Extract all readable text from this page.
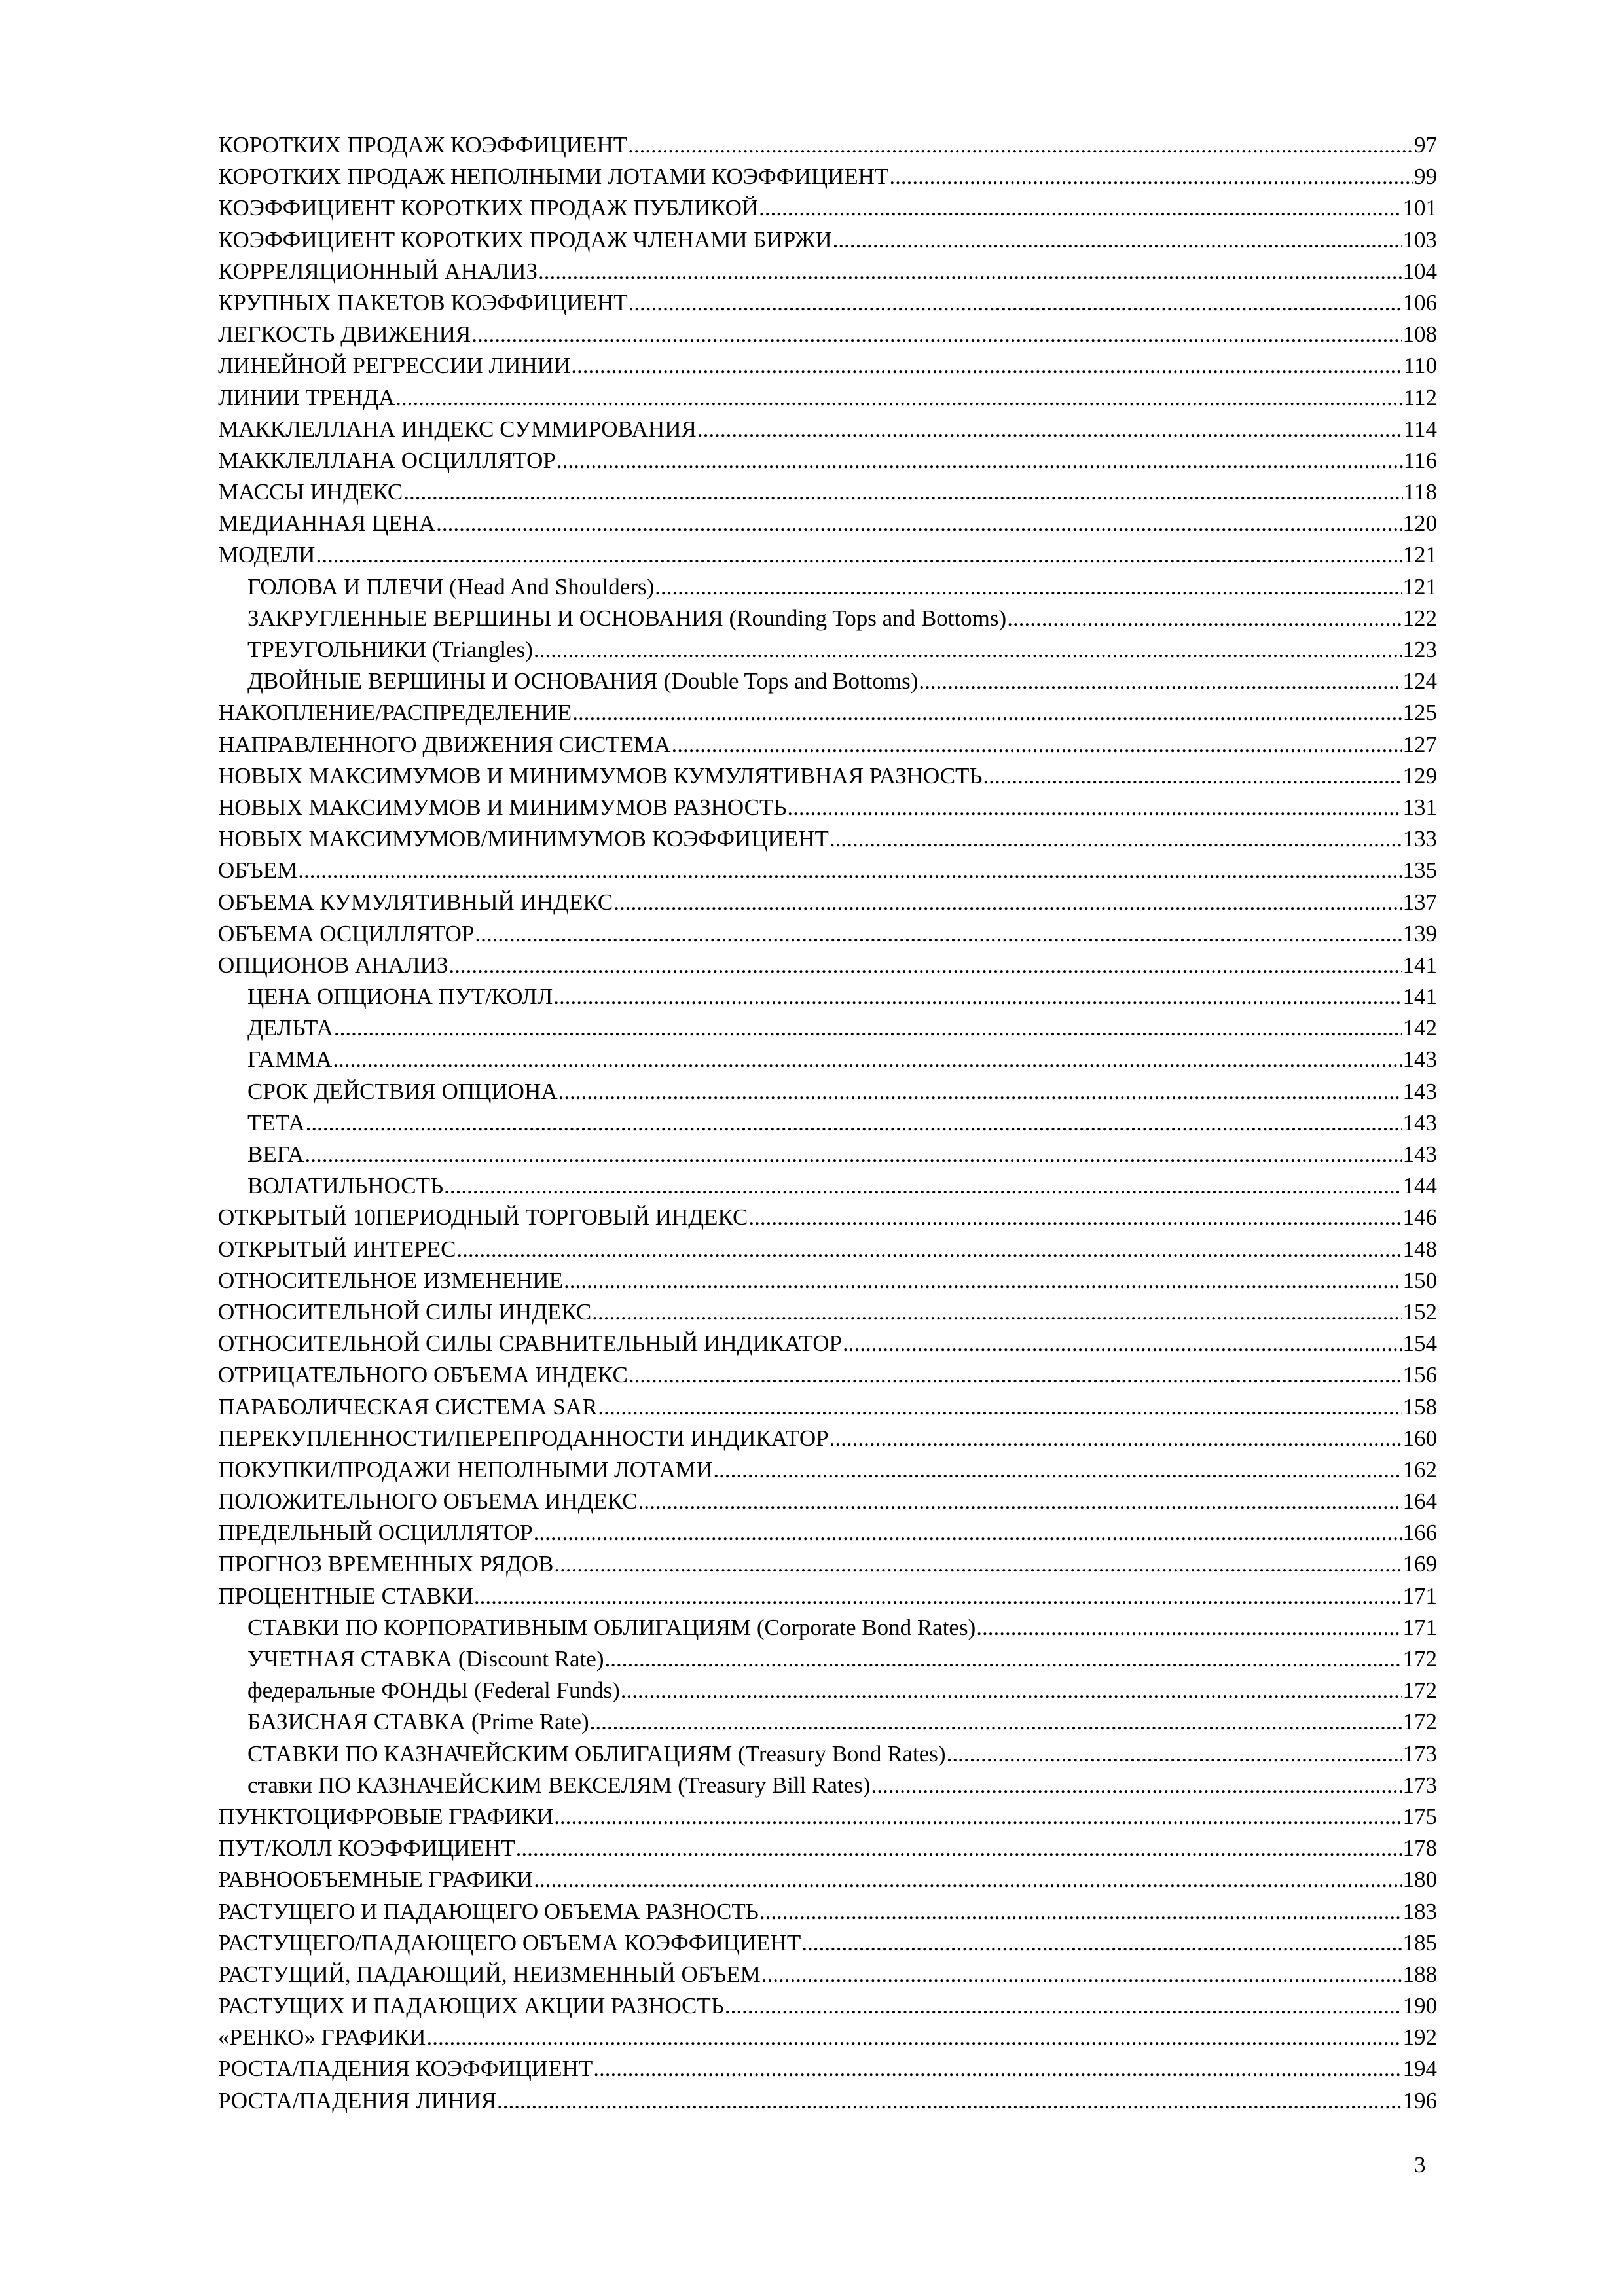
КОРОТКИХ ПРОДАЖ КОЭФФИЦИЕНТ .....	97
КОРОТКИХ ПРОДАЖ НЕПОЛНЫМИ ЛОТАМИ КОЭФФИЦИЕНТ .....	99
КОЭФФИЦИЕНТ КОРОТКИХ ПРОДАЖ ПУБЛИКОЙ .....	101
КОЭФФИЦИЕНТ КОРОТКИХ ПРОДАЖ ЧЛЕНАМИ БИРЖИ .....	103
КОРРЕЛЯЦИОННЫЙ АНАЛИЗ .....	104
КРУПНЫХ ПАКЕТОВ КОЭФФИЦИЕНТ .....	106
ЛЕГКОСТЬ ДВИЖЕНИЯ .....	108
ЛИНЕЙНОЙ РЕГРЕССИИ ЛИНИИ .....	110
ЛИНИИ ТРЕНДА .....	112
МАККЛЕЛЛАНА ИНДЕКС СУММИРОВАНИЯ .....	114
МАККЛЕЛЛАНА ОСЦИЛЛЯТОР .....	116
МАССЫ ИНДЕКС .....	118
МЕДИАННАЯ ЦЕНА .....	120
МОДЕЛИ .....	121
ГОЛОВА И ПЛЕЧИ (Head And Shoulders) .....	121
ЗАКРУГЛЕННЫЕ ВЕРШИНЫ И ОСНОВАНИЯ (Rounding Tops and Bottoms) .....	122
ТРЕУГОЛЬНИКИ (Triangles) .....	123
ДВОЙНЫЕ ВЕРШИНЫ И ОСНОВАНИЯ (Double Tops and Bottoms) .....	124
НАКОПЛЕНИЕ/РАСПРЕДЕЛЕНИЕ .....	125
НАПРАВЛЕННОГО ДВИЖЕНИЯ СИСТЕМА .....	127
НОВЫХ МАКСИМУМОВ И МИНИМУМОВ КУМУЛЯТИВНАЯ РАЗНОСТЬ .....	129
НОВЫХ МАКСИМУМОВ И МИНИМУМОВ РАЗНОСТЬ .....	131
НОВЫХ МАКСИМУМОВ/МИНИМУМОВ КОЭФФИЦИЕНТ .....	133
ОБЪЕМ .....	135
ОБЪЕМА КУМУЛЯТИВНЫЙ ИНДЕКС .....	137
ОБЪЕМА ОСЦИЛЛЯТОР .....	139
ОПЦИОНОВ АНАЛИЗ .....	141
ЦЕНА ОПЦИОНА ПУТ/КОЛЛ .....	141
ДЕЛЬТА .....	142
ГАММА .....	143
СРОК ДЕЙСТВИЯ ОПЦИОНА .....	143
ТЕТА .....	143
ВЕГА .....	143
ВОЛАТИЛЬНОСТЬ .....	144
ОТКРЫТЫЙ 10ПЕРИОДНЫЙ ТОРГОВЫЙ ИНДЕКС .....	146
ОТКРЫТЫЙ ИНТЕРЕС .....	148
ОТНОСИТЕЛЬНОЕ ИЗМЕНЕНИЕ .....	150
ОТНОСИТЕЛЬНОЙ СИЛЫ ИНДЕКС .....	152
ОТНОСИТЕЛЬНОЙ СИЛЫ СРАВНИТЕЛЬНЫЙ ИНДИКАТОР .....	154
ОТРИЦАТЕЛЬНОГО ОБЪЕМА ИНДЕКС .....	156
ПАРАБОЛИЧЕСКАЯ СИСТЕМА SAR .....	158
ПЕРЕКУПЛЕННОСТИ/ПЕРЕПРОДАННОСТИ ИНДИКАТОР .....	160
ПОКУПКИ/ПРОДАЖИ НЕПОЛНЫМИ ЛОТАМИ .....	162
ПОЛОЖИТЕЛЬНОГО ОБЪЕМА ИНДЕКС .....	164
ПРЕДЕЛЬНЫЙ ОСЦИЛЛЯТОР .....	166
ПРОГНОЗ ВРЕМЕННЫХ РЯДОВ .....	169
ПРОЦЕНТНЫЕ СТАВКИ .....	171
СТАВКИ ПО КОРПОРАТИВНЫМ ОБЛИГАЦИЯМ (Corporate Bond Rates) .....	171
УЧЕТНАЯ СТАВКА (Discount Rate) .....	172
федеральные ФОНДЫ (Federal Funds) .....	172
БАЗИСНАЯ СТАВКА (Prime Rate) .....	172
СТАВКИ ПО КАЗНАЧЕЙСКИМ ОБЛИГАЦИЯМ (Treasury Bond Rates) .....	173
ставки ПО КАЗНАЧЕЙСКИМ ВЕКСЕЛЯМ (Treasury Bill Rates) .....	173
ПУНКТОЦИФРОВЫЕ ГРАФИКИ .....	175
ПУТ/КОЛЛ КОЭФФИЦИЕНТ .....	178
РАВНООБЪЕМНЫЕ ГРАФИКИ .....	180
РАСТУЩЕГО И ПАДАЮЩЕГО ОБЪЕМА РАЗНОСТЬ .....	183
РАСТУЩЕГО/ПАДАЮЩЕГО ОБЪЕМА КОЭФФИЦИЕНТ .....	185
РАСТУЩИЙ, ПАДАЮЩИЙ, НЕИЗМЕННЫЙ ОБЪЕМ .....	188
РАСТУЩИХ И ПАДАЮЩИХ АКЦИИ РАЗНОСТЬ .....	190
«РЕНКО» ГРАФИКИ .....	192
РОСТА/ПАДЕНИЯ КОЭФФИЦИЕНТ .....	194
РОСТА/ПАДЕНИЯ ЛИНИЯ .....	196
3
